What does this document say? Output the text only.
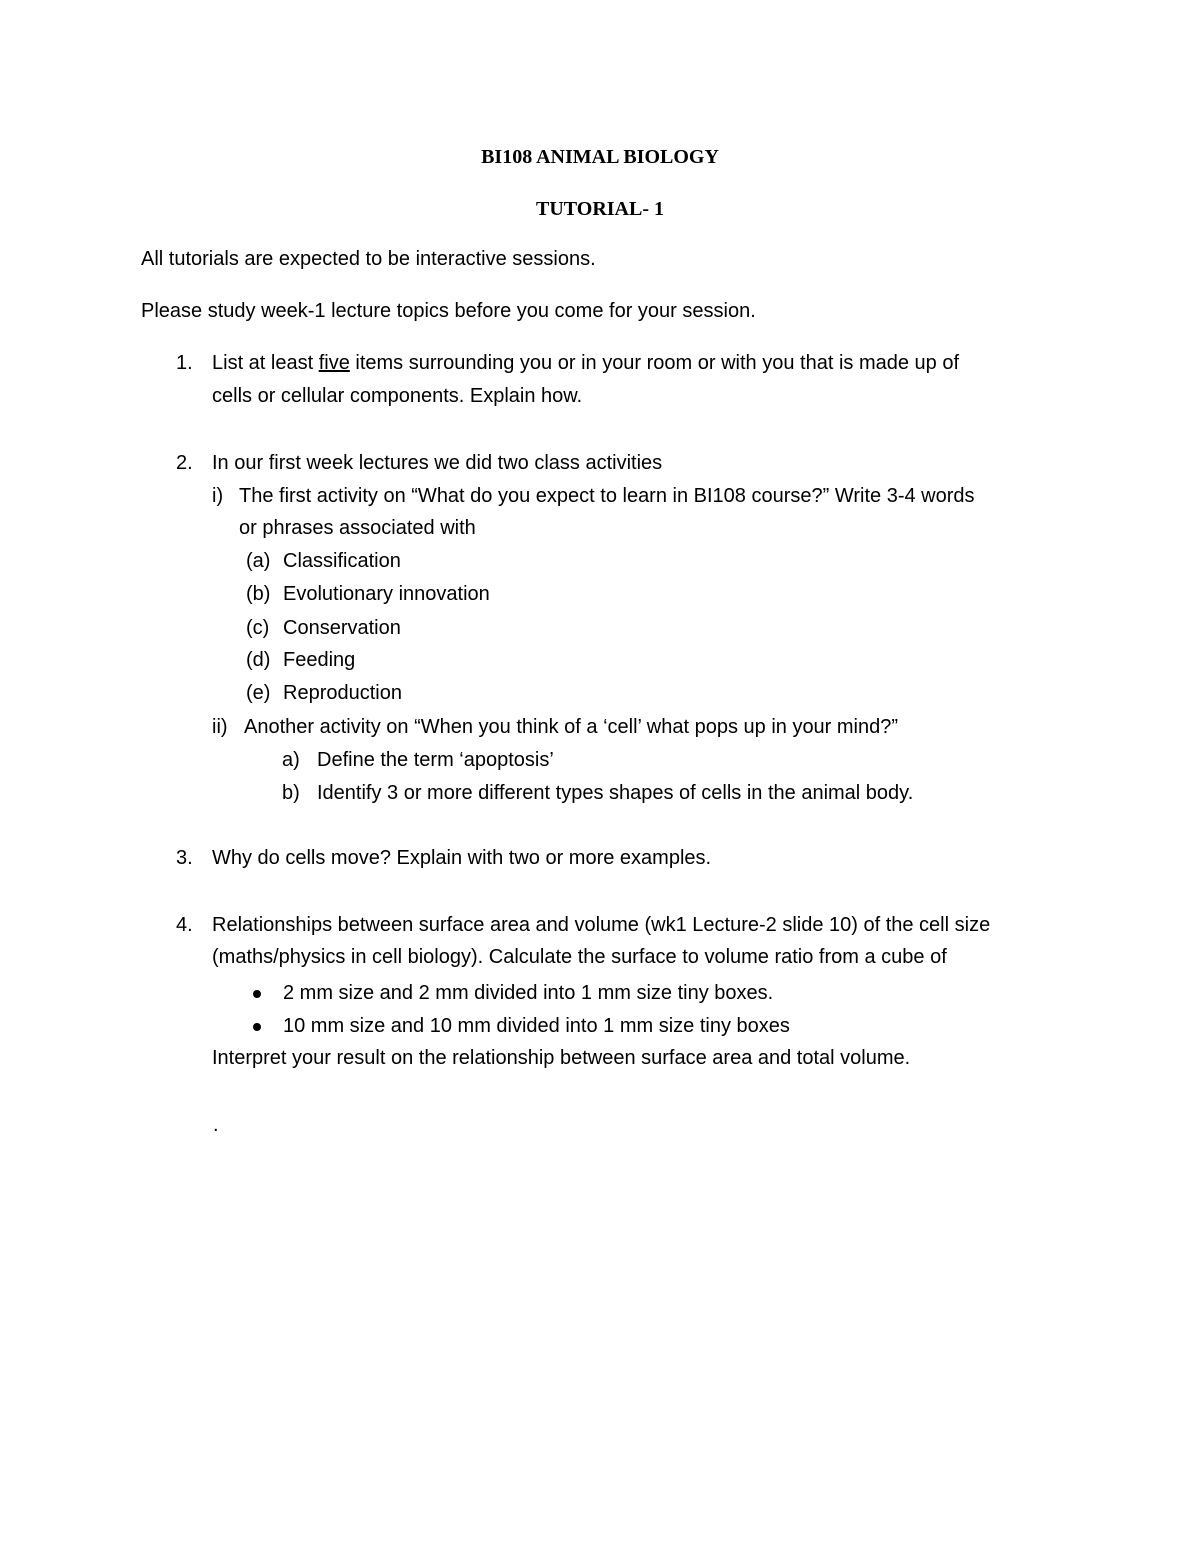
BI108 ANIMAL BIOLOGY
TUTORIAL- 1
All tutorials are expected to be interactive sessions.
Please study week-1 lecture topics before you come for your session.
1. List at least five items surrounding you or in your room or with you that is made up of
cells or cellular components. Explain how.
2. In our first week lectures we did two class activities
i) The first activity on “What do you expect to learn in BI108 course?” Write 3-4 words
or phrases associated with
(a) Classification
(b) Evolutionary innovation
(c) Conservation
(d) Feeding
(e) Reproduction
ii) Another activity on “When you think of a ‘cell’ what pops up in your mind?”
a) Define the term ‘apoptosis’
b) Identify 3 or more different types shapes of cells in the animal body.
3. Why do cells move? Explain with two or more examples.
4. Relationships between surface area and volume (wk1 Lecture-2 slide 10) of the cell size
(maths/physics in cell biology). Calculate the surface to volume ratio from a cube of
2 mm size and 2 mm divided into 1 mm size tiny boxes.
10 mm size and 10 mm divided into 1 mm size tiny boxes
Interpret your result on the relationship between surface area and total volume.
.
